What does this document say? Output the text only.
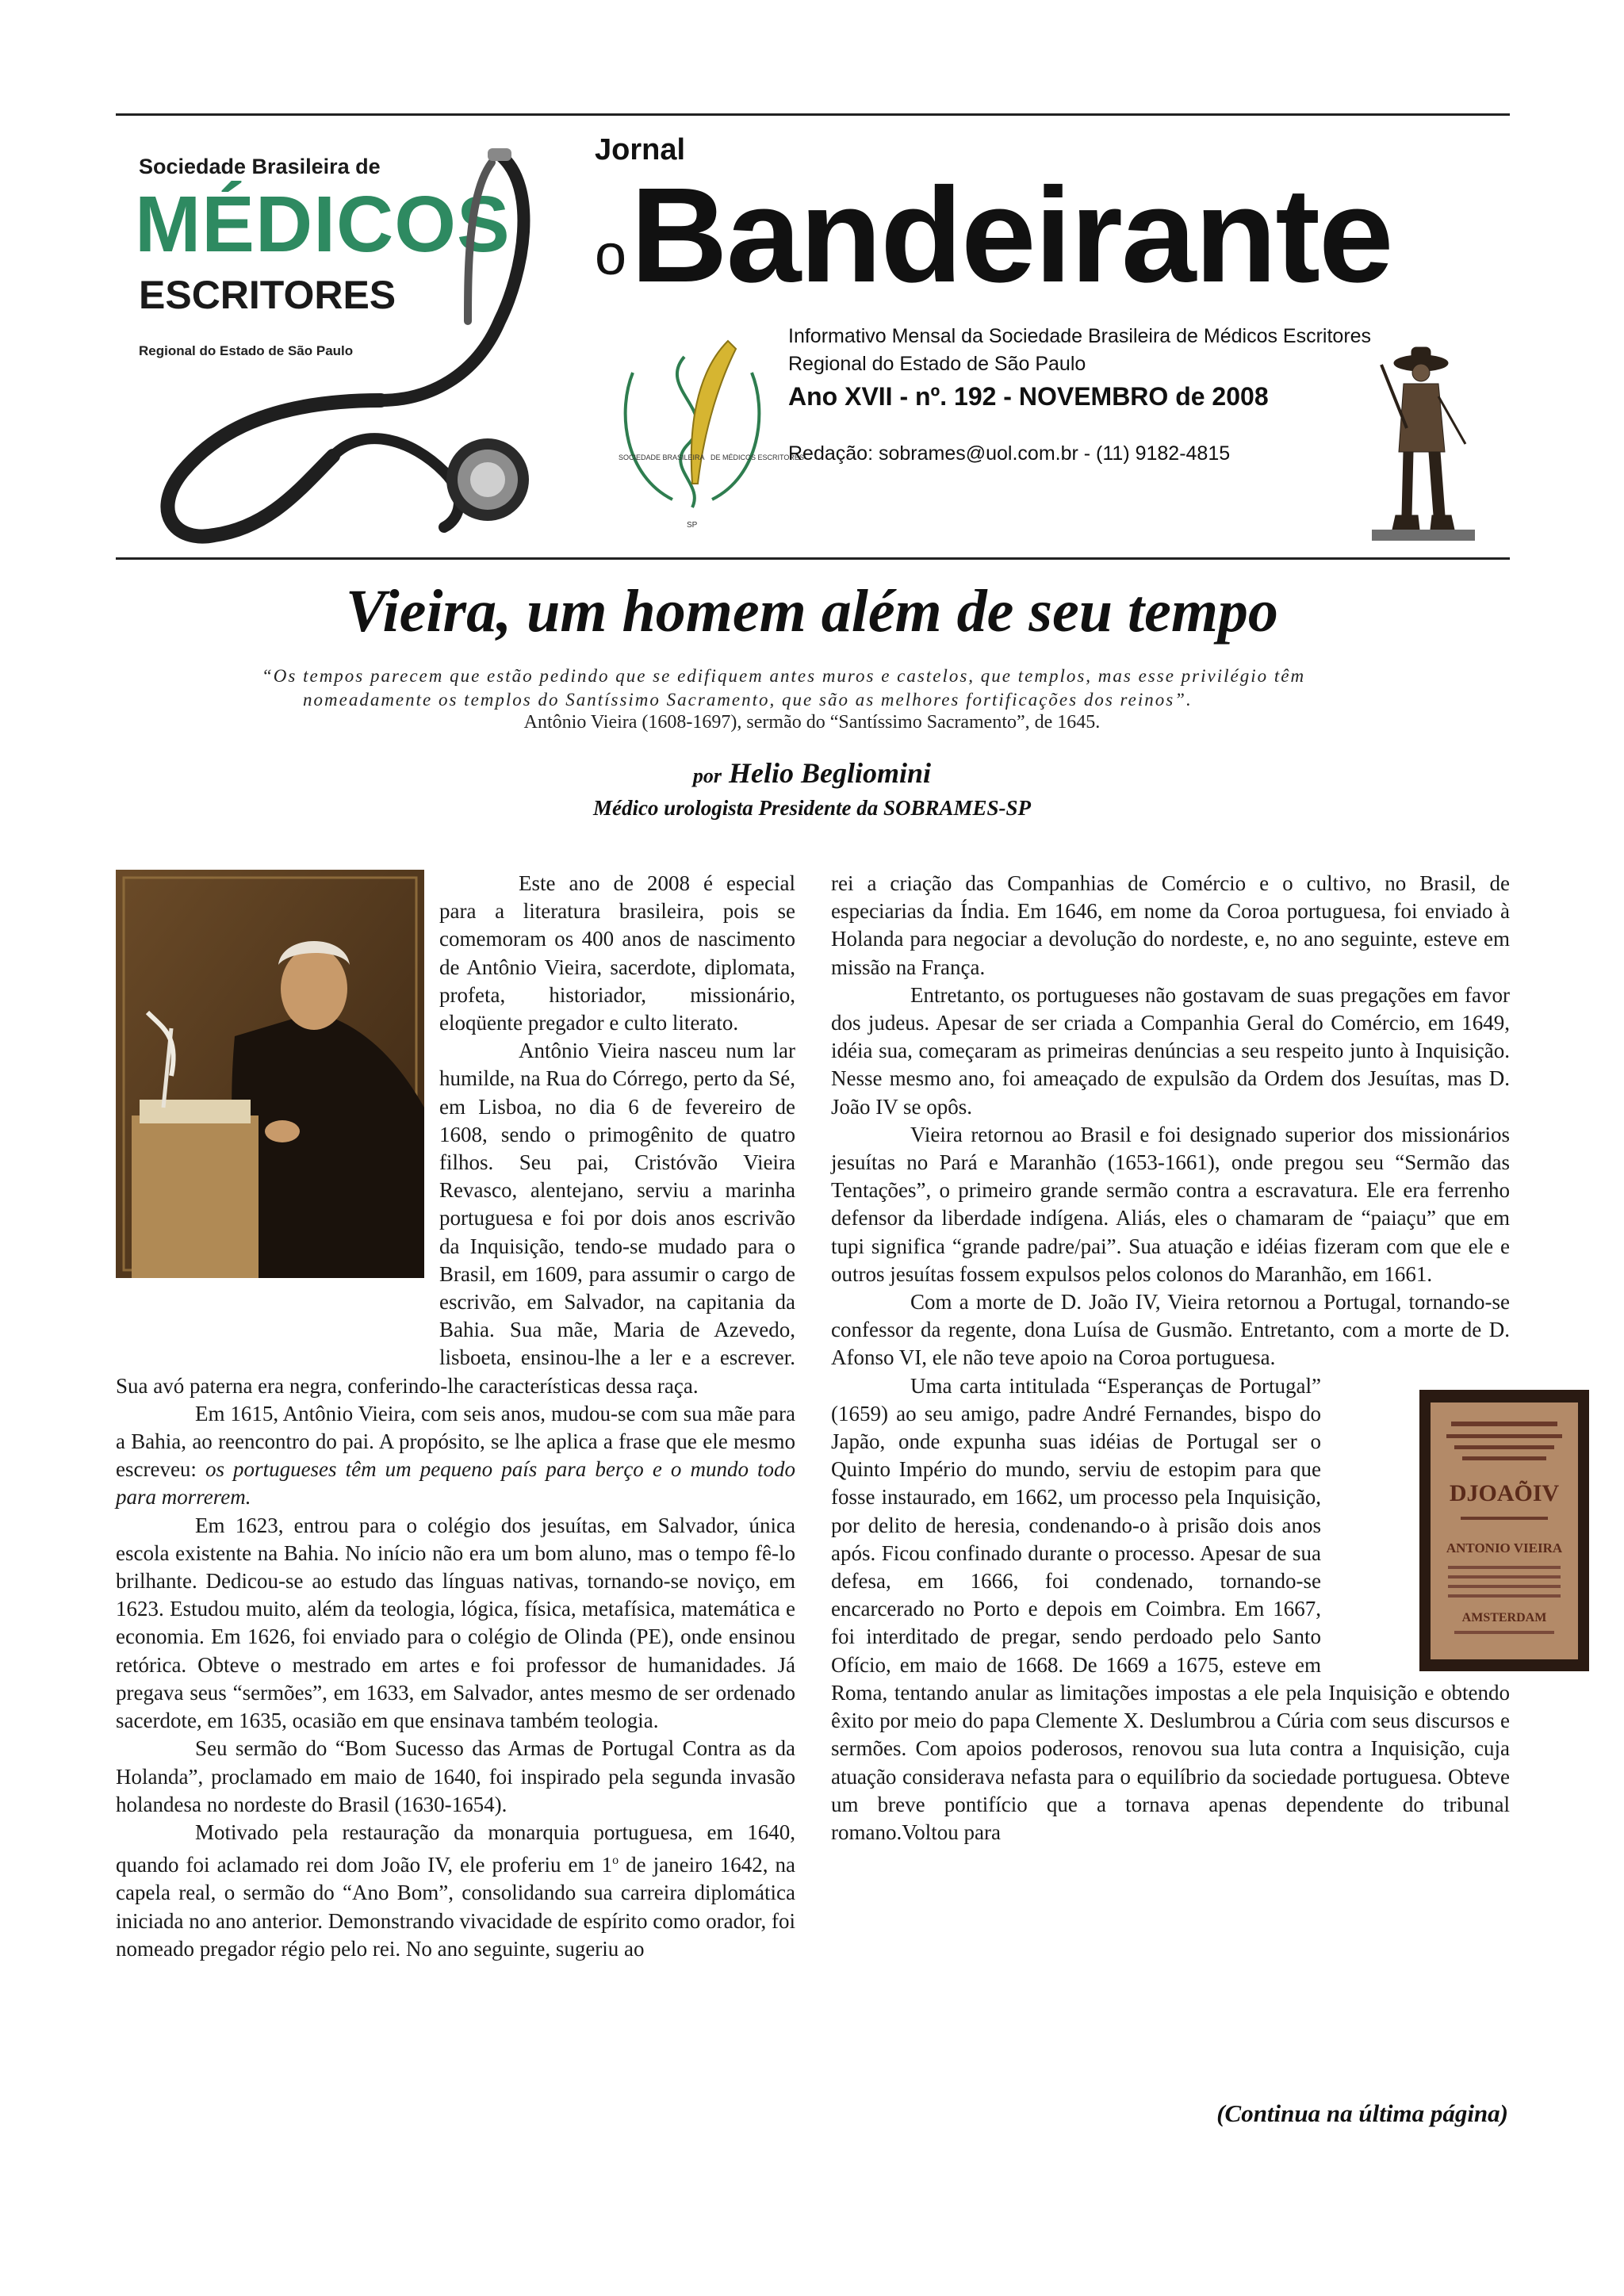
Sociedade Brasileira de
MÉDICOS
ESCRITORES
Regional do Estado de São Paulo
Jornal
o Bandeirante
SOCIEDADE BRASILEIRA DE MÉDICOS ESCRITORES
SP
Informativo Mensal da Sociedade Brasileira de Médicos Escritores
Regional do Estado de São Paulo
Ano XVII - nº. 192 - NOVEMBRO de 2008
Redação: sobrames@uol.com.br - (11) 9182-4815
Vieira, um homem além de seu tempo
“Os tempos parecem que estão pedindo que se edifiquem antes muros e castelos, que templos, mas esse privilégio têm
nomeadamente os templos do Santíssimo Sacramento, que são as melhores fortificações dos reinos”.
Antônio Vieira (1608-1697), sermão do “Santíssimo Sacramento”, de 1645.
por Helio Begliomini
Médico urologista Presidente da SOBRAMES-SP

Este ano de 2008 é especial para a literatura brasileira, pois se comemoram os 400 anos de nascimento de Antônio Vieira, sacerdote, diplomata, profeta, historiador, missionário, eloqüente pregador e culto literato.

Antônio Vieira nasceu num lar humilde, na Rua do Córrego, perto da Sé, em Lisboa, no dia 6 de fevereiro de 1608, sendo o primogênito de quatro filhos. Seu pai, Cristóvão Vieira Revasco, alentejano, serviu a marinha portuguesa e foi por dois anos escrivão da Inquisição, tendo-se mudado para o Brasil, em 1609, para assumir o cargo de escrivão, em Salvador, na capitania da Bahia. Sua mãe, Maria de Azevedo, lisboeta, ensinou-lhe a ler e a escrever. Sua avó paterna era negra, conferindo-lhe características dessa raça.

Em 1615, Antônio Vieira, com seis anos, mudou-se com sua mãe para a Bahia, ao reencontro do pai. A propósito, se lhe aplica a frase que ele mesmo escreveu: os portugueses têm um pequeno país para berço e o mundo todo para morrerem.

Em 1623, entrou para o colégio dos jesuítas, em Salvador, única escola existente na Bahia. No início não era um bom aluno, mas o tempo fê-lo brilhante. Dedicou-se ao estudo das línguas nativas, tornando-se noviço, em 1623. Estudou muito, além da teologia, lógica, física, metafísica, matemática e economia. Em 1626, foi enviado para o colégio de Olinda (PE), onde ensinou retórica. Obteve o mestrado em artes e foi professor de humanidades. Já pregava seus “sermões”, em 1633, em Salvador, antes mesmo de ser ordenado sacerdote, em 1635, ocasião em que ensinava também teologia.

Seu sermão do “Bom Sucesso das Armas de Portugal Contra as da Holanda”, proclamado em maio de 1640, foi inspirado pela segunda invasão holandesa no nordeste do Brasil (1630-1654).

Motivado pela restauração da monarquia portuguesa, em 1640, quando foi aclamado rei dom João IV, ele proferiu em 1$^o$ de janeiro 1642, na capela real, o sermão do “Ano Bom”, consolidando sua carreira diplomática iniciada no ano anterior. Demonstrando vivacidade de espírito como orador, foi nomeado pregador régio pelo rei. No ano seguinte, sugeriu ao

rei a criação das Companhias de Comércio e o cultivo, no Brasil, de especiarias da Índia. Em 1646, em nome da Coroa portuguesa, foi enviado à Holanda para negociar a devolução do nordeste, e, no ano seguinte, esteve em missão na França.

Entretanto, os portugueses não gostavam de suas pregações em favor dos judeus. Apesar de ser criada a Companhia Geral do Comércio, em 1649, idéia sua, começaram as primeiras denúncias a seu respeito junto à Inquisição. Nesse mesmo ano, foi ameaçado de expulsão da Ordem dos Jesuítas, mas D. João IV se opôs.

Vieira retornou ao Brasil e foi designado superior dos missionários jesuítas no Pará e Maranhão (1653-1661), onde pregou seu “Sermão das Tentações”, o primeiro grande sermão contra a escravatura. Ele era ferrenho defensor da liberdade indígena. Aliás, eles o chamaram de “paiaçu” que em tupi significa “grande padre/pai”. Sua atuação e idéias fizeram com que ele e outros jesuítas fossem expulsos pelos colonos do Maranhão, em 1661.

Com a morte de D. João IV, Vieira retornou a Portugal, tornando-se confessor da regente, dona Luísa de Gusmão. Entretanto, com a morte de D. Afonso VI, ele não teve apoio na Coroa portuguesa.

DJOAÕIV
ANTONIO VIEIRA
AMSTERDAM
Uma carta intitulada “Esperanças de Portugal” (1659) ao seu amigo, padre André Fernandes, bispo do Japão, onde expunha suas idéias de Portugal ser o Quinto Império do mundo, serviu de estopim para que fosse instaurado, em 1662, um processo pela Inquisição, por delito de heresia, condenando-o à prisão dois anos após. Ficou confinado durante o processo. Apesar de sua defesa, em 1666, foi condenado, tornando-se encarcerado no Porto e depois em Coimbra. Em 1667, foi interditado de pregar, sendo perdoado pelo Santo Ofício, em maio de 1668. De 1669 a 1675, esteve em Roma, tentando anular as limitações impostas a ele pela Inquisição e obtendo êxito por meio do papa Clemente X. Deslumbrou a Cúria com seus discursos e sermões. Com apoios poderosos, renovou sua luta contra a Inquisição, cuja atuação considerava nefasta para o equilíbrio da sociedade portuguesa. Obteve um breve pontifício que a tornava apenas dependente do tribunal romano.Voltou para

(Continua na última página)
